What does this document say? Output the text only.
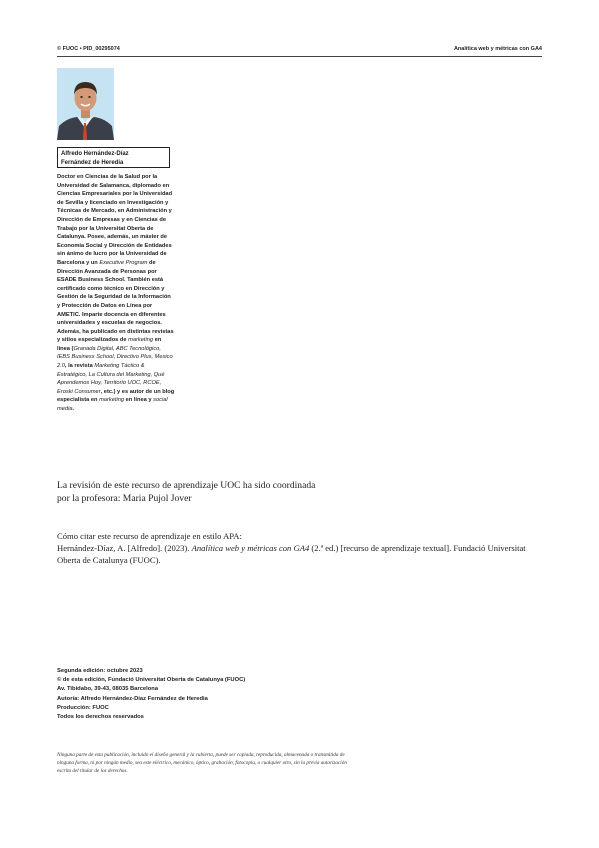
© FUOC • PID_00295074	Analítica web y métricas con GA4
Alfredo Hernández-Díaz
Fernández de Heredia
Doctor en Ciencias de la Salud por la Universidad de Salamanca, diplomado en Ciencias Empresariales por la Universidad de Sevilla y licenciado en Investigación y Técnicas de Mercado, en Administración y Dirección de Empresas y en Ciencias de Trabajo por la Universitat Oberta de Catalunya. Posee, además, un máster de Economía Social y Dirección de Entidades sin ánimo de lucro por la Universidad de Barcelona y un Executive Program de Dirección Avanzada de Personas por ESADE Business School. También está certificado como técnico en Dirección y Gestión de la Seguridad de la Información y Protección de Datos en Línea por AMETIC. Imparte docencia en diferentes universidades y escuelas de negocios. Además, ha publicado en distintas revistas y sitios especializados de marketing en línea (Granada Digital, ABC Tecnológico, IEBS Business School, Directivo Plus, Mexico 2.0, la revista Marketing Táctico & Estratégico, La Cultura del Marketing, Qué Aprendemos Hoy, Territorio UOC, RCOE, Eroski Consumer, etc.) y es autor de un blog especialista en marketing en línea y social media.
La revisión de este recurso de aprendizaje UOC ha sido coordinada
por la profesora: Maria Pujol Jover
Cómo citar este recurso de aprendizaje en estilo APA:
Hernández-Díaz, A. [Alfredo]. (2023). Analítica web y métricas con GA4 (2.ª ed.) [recurso de aprendizaje textual]. Fundació Universitat Oberta de Catalunya (FUOC).
Segunda edición: octubre 2023
© de esta edición, Fundació Universitat Oberta de Catalunya (FUOC)
Av. Tibidabo, 39-43, 08035 Barcelona
Autoría: Alfredo Hernández-Díaz Fernández de Heredia
Producción: FUOC
Todos los derechos reservados
Ninguna parte de esta publicación, incluido el diseño general y la cubierta, puede ser copiada, reproducida, almacenada o transmitida de ninguna forma, ni por ningún medio, sea este eléctrico, mecánico, óptico, grabación, fotocopia, o cualquier otro, sin la previa autorización escrita del titular de los derechos.
